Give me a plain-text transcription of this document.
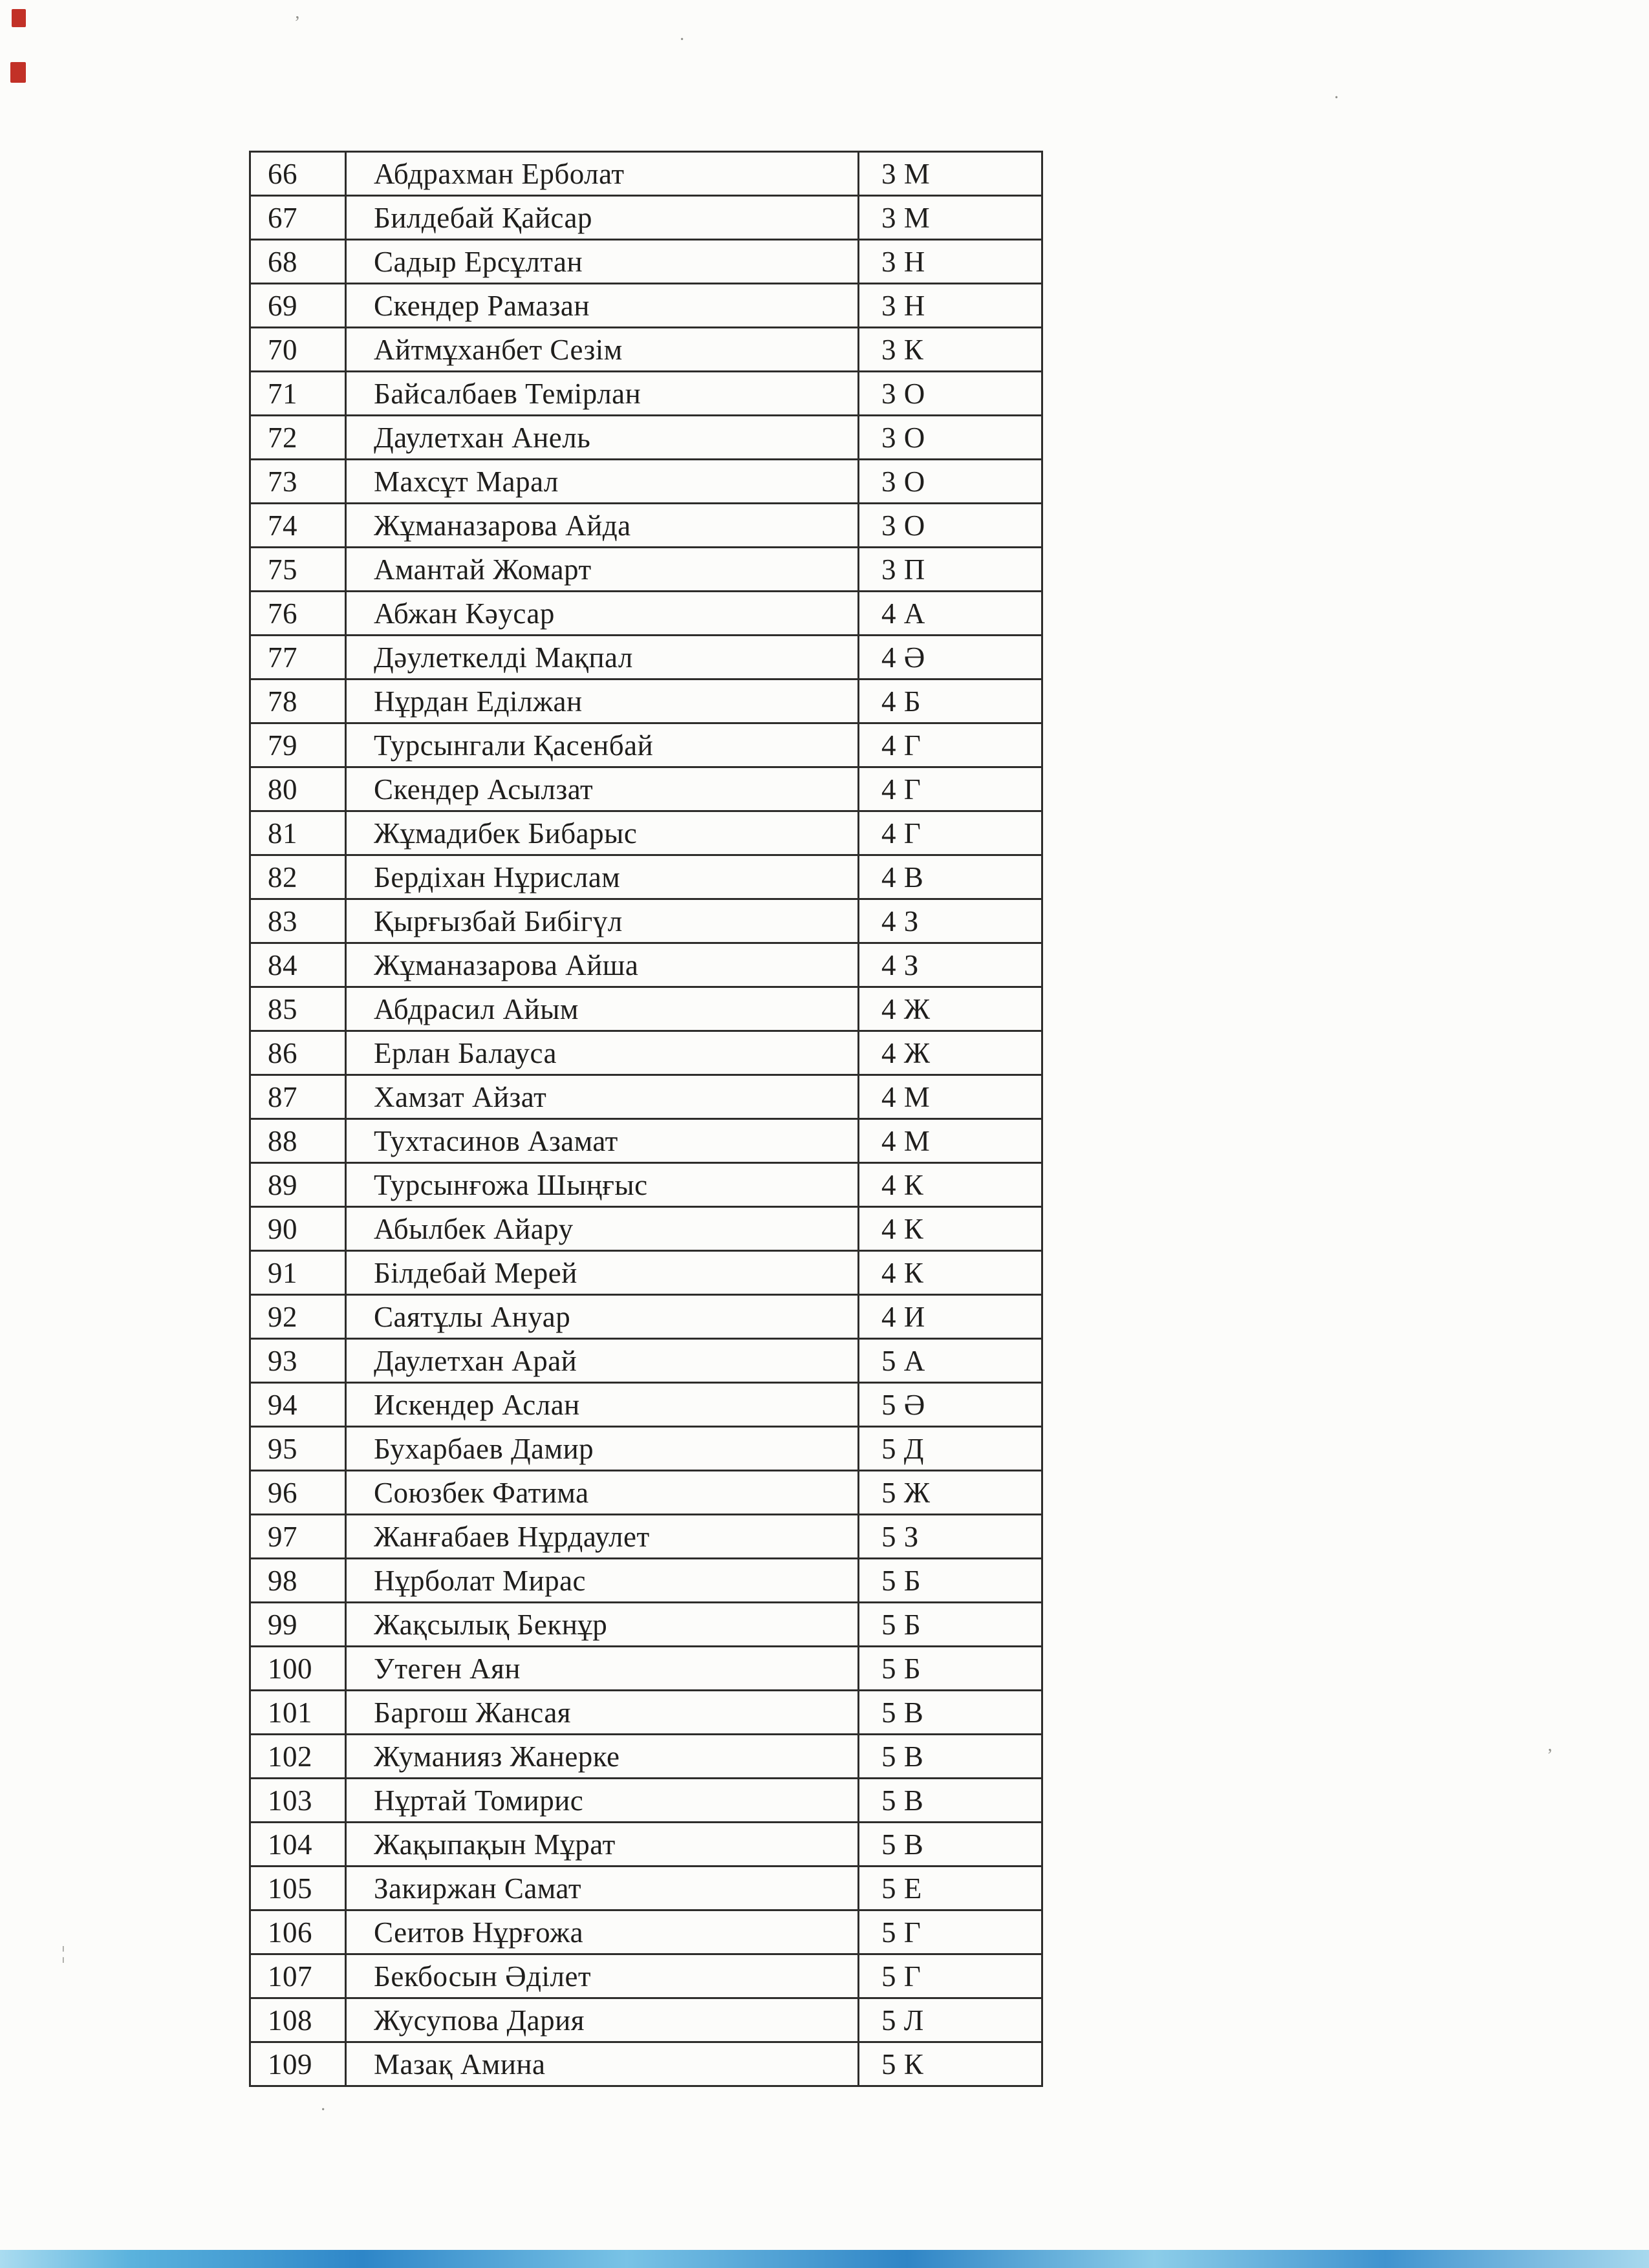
66	Абдрахман Ерболат	3 М
67	Билдебай Қайсар	3 М
68	Садыр Ерсұлтан	3 Н
69	Скендер Рамазан	3 Н
70	Айтмұханбет Сезім	3 К
71	Байсалбаев Темірлан	3 О
72	Даулетхан Анель	3 О
73	Махсұт Марал	3 О
74	Жұманазарова Айда	3 О
75	Амантай Жомарт	3 П
76	Абжан Кәусар	4 А
77	Дәулеткелді Мақпал	4 Ә
78	Нұрдан Еділжан	4 Б
79	Турсынгали Қасенбай	4 Г
80	Скендер Асылзат	4 Г
81	Жұмадибек Бибарыс	4 Г
82	Бердіхан Нұрислам	4 В
83	Қырғызбай Бибігүл	4 З
84	Жұманазарова Айша	4 З
85	Абдрасил Айым	4 Ж
86	Ерлан Балауса	4 Ж
87	Хамзат Айзат	4 М
88	Тухтасинов Азамат	4 М
89	Турсынғожа Шыңғыс	4 К
90	Абылбек Айару	4 К
91	Білдебай Мерей	4 К
92	Саятұлы Ануар	4 И
93	Даулетхан Арай	5 А
94	Искендер Аслан	5 Ә
95	Бухарбаев Дамир	5 Д
96	Союзбек Фатима	5 Ж
97	Жанғабаев Нұрдаулет	5 З
98	Нұрболат Мирас	5 Б
99	Жақсылық Бекнұр	5 Б
100	Утеген Аян	5 Б
101	Баргош Жансая	5 В
102	Жуманияз Жанерке	5 В
103	Нұртай Томирис	5 В
104	Жақыпақын Мұрат	5 В
105	Закиржан Самат	5 Е
106	Сеитов Нұрғожа	5 Г
107	Бекбосын Әділет	5 Г
108	Жусупова Дария	5 Л
109	Мазақ Амина	5 К
’
·
·
’
¦
·
